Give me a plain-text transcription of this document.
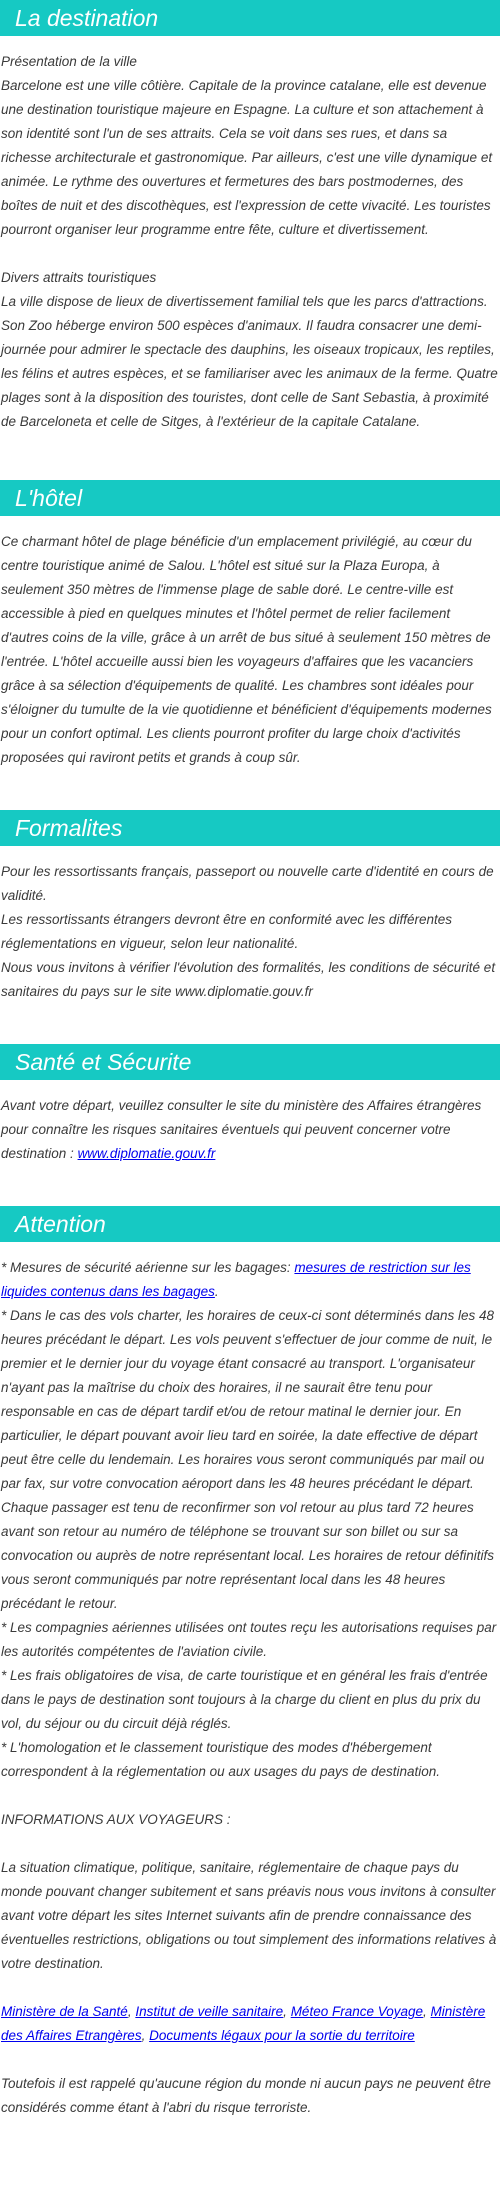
La destination

Présentation de la ville

Barcelone est une ville côtière. Capitale de la province catalane, elle est devenue une destination touristique majeure en Espagne. La culture et son attachement à son identité sont l'un de ses attraits. Cela se voit dans ses rues, et dans sa richesse architecturale et gastronomique. Par ailleurs, c'est une ville dynamique et animée. Le rythme des ouvertures et fermetures des bars postmodernes, des boîtes de nuit et des discothèques, est l'expression de cette vivacité. Les touristes pourront organiser leur programme entre fête, culture et divertissement.

Divers attraits touristiques

La ville dispose de lieux de divertissement familial tels que les parcs d'attractions. Son Zoo héberge environ 500 espèces d'animaux. Il faudra consacrer une demi-journée pour admirer le spectacle des dauphins, les oiseaux tropicaux, les reptiles, les félins et autres espèces, et se familiariser avec les animaux de la ferme. Quatre plages sont à la disposition des touristes, dont celle de Sant Sebastia, à proximité de Barceloneta et celle de Sitges, à l'extérieur de la capitale Catalane.

L'hôtel

Ce charmant hôtel de plage bénéficie d'un emplacement privilégié, au cœur du centre touristique animé de Salou. L'hôtel est situé sur la Plaza Europa, à seulement 350 mètres de l'immense plage de sable doré. Le centre-ville est accessible à pied en quelques minutes et l'hôtel permet de relier facilement d'autres coins de la ville, grâce à un arrêt de bus situé à seulement 150 mètres de l'entrée. L'hôtel accueille aussi bien les voyageurs d'affaires que les vacanciers grâce à sa sélection d'équipements de qualité. Les chambres sont idéales pour s'éloigner du tumulte de la vie quotidienne et bénéficient d'équipements modernes pour un confort optimal. Les clients pourront profiter du large choix d'activités proposées qui raviront petits et grands à coup sûr.

Formalites

Pour les ressortissants français, passeport ou nouvelle carte d'identité en cours de validité.

Les ressortissants étrangers devront être en conformité avec les différentes réglementations en vigueur, selon leur nationalité.

Nous vous invitons à vérifier l'évolution des formalités, les conditions de sécurité et sanitaires du pays sur le site www.diplomatie.gouv.fr

Santé et Sécurite

Avant votre départ, veuillez consulter le site du ministère des Affaires étrangères pour connaître les risques sanitaires éventuels qui peuvent concerner votre destination : www.diplomatie.gouv.fr

Attention

* Mesures de sécurité aérienne sur les bagages: mesures de restriction sur les liquides contenus dans les bagages.

* Dans le cas des vols charter, les horaires de ceux-ci sont déterminés dans les 48 heures précédant le départ. Les vols peuvent s'effectuer de jour comme de nuit, le premier et le dernier jour du voyage étant consacré au transport. L'organisateur n'ayant pas la maîtrise du choix des horaires, il ne saurait être tenu pour responsable en cas de départ tardif et/ou de retour matinal le dernier jour. En particulier, le départ pouvant avoir lieu tard en soirée, la date effective de départ peut être celle du lendemain. Les horaires vous seront communiqués par mail ou par fax, sur votre convocation aéroport dans les 48 heures précédant le départ. Chaque passager est tenu de reconfirmer son vol retour au plus tard 72 heures avant son retour au numéro de téléphone se trouvant sur son billet ou sur sa convocation ou auprès de notre représentant local. Les horaires de retour définitifs vous seront communiqués par notre représentant local dans les 48 heures précédant le retour.

* Les compagnies aériennes utilisées ont toutes reçu les autorisations requises par les autorités compétentes de l'aviation civile.

* Les frais obligatoires de visa, de carte touristique et en général les frais d'entrée dans le pays de destination sont toujours à la charge du client en plus du prix du vol, du séjour ou du circuit déjà réglés.

* L'homologation et le classement touristique des modes d'hébergement correspondent à la réglementation ou aux usages du pays de destination.

INFORMATIONS AUX VOYAGEURS :

La situation climatique, politique, sanitaire, réglementaire de chaque pays du monde pouvant changer subitement et sans préavis nous vous invitons à consulter avant votre départ les sites Internet suivants afin de prendre connaissance des éventuelles restrictions, obligations ou tout simplement des informations relatives à votre destination.

Ministère de la Santé, Institut de veille sanitaire, Méteo France Voyage, Ministère des Affaires Etrangères, Documents légaux pour la sortie du territoire

Toutefois il est rappelé qu'aucune région du monde ni aucun pays ne peuvent être considérés comme étant à l'abri du risque terroriste.
